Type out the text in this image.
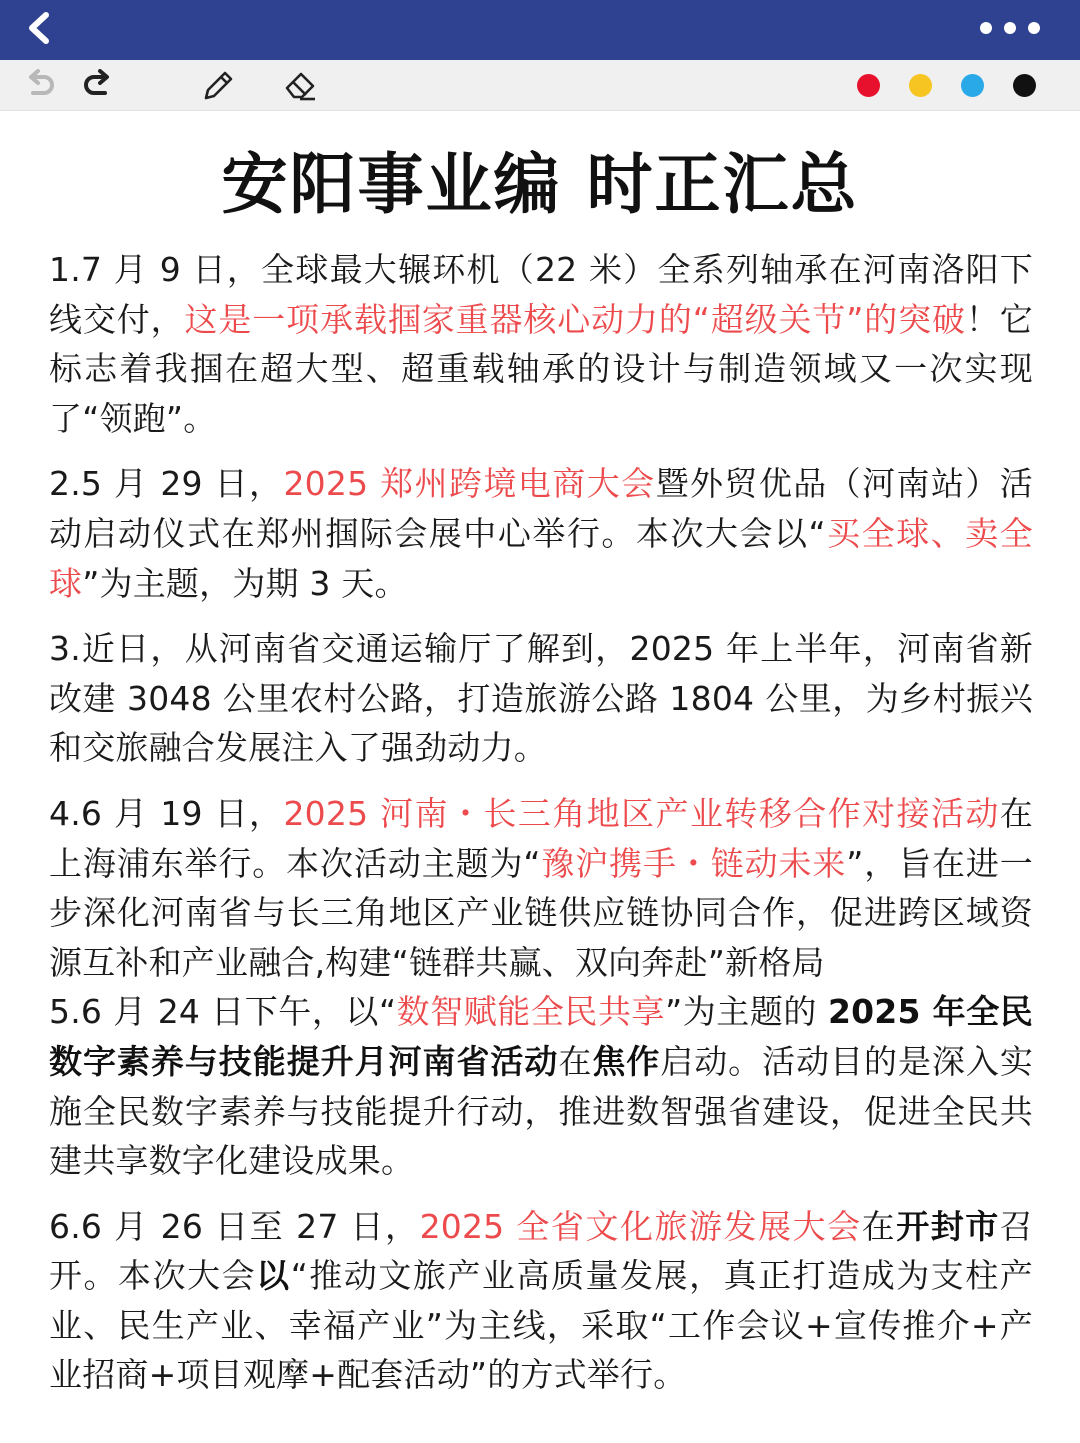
安阳事业编 时正汇总

1.7 月 9 日，全球最大辗环机（22 米）全系列轴承在河南洛阳下线交付，这是一项承载掴家重器核心动力的“超级关节”的突破！它标志着我掴在超大型、超重载轴承的设计与制造领域又一次实现了“领跑”。

2.5 月 29 日，2025 郑州跨境电商大会暨外贸优品（河南站）活动启动仪式在郑州掴际会展中心举行。本次大会以“买全球、卖全球”为主题，为期 3 天。

3.近日，从河南省交通运输厅了解到，2025 年上半年，河南省新改建 3048 公里农村公路，打造旅游公路 1804 公里，为乡村振兴和交旅融合发展注入了强劲动力。

4.6 月 19 日，2025 河南・长三角地区产业转移合作对接活动在上海浦东举行。本次活动主题为“豫沪携手・链动未来”，旨在进一步深化河南省与长三角地区产业链供应链协同合作，促进跨区域资源互补和产业融合,构建“链群共赢、双向奔赴”新格局

5.6 月 24 日下午，以“数智赋能全民共享”为主题的 2025 年全民数字素养与技能提升月河南省活动在焦作启动。活动目的是深入实施全民数字素养与技能提升行动，推进数智强省建设，促进全民共建共享数字化建设成果。

6.6 月 26 日至 27 日，2025 全省文化旅游发展大会在开封市召开。本次大会以“推动文旅产业高质量发展，真正打造成为支柱产业、民生产业、幸福产业”为主线，采取“工作会议+宣传推介+产业招商+项目观摩+配套活动”的方式举行。
